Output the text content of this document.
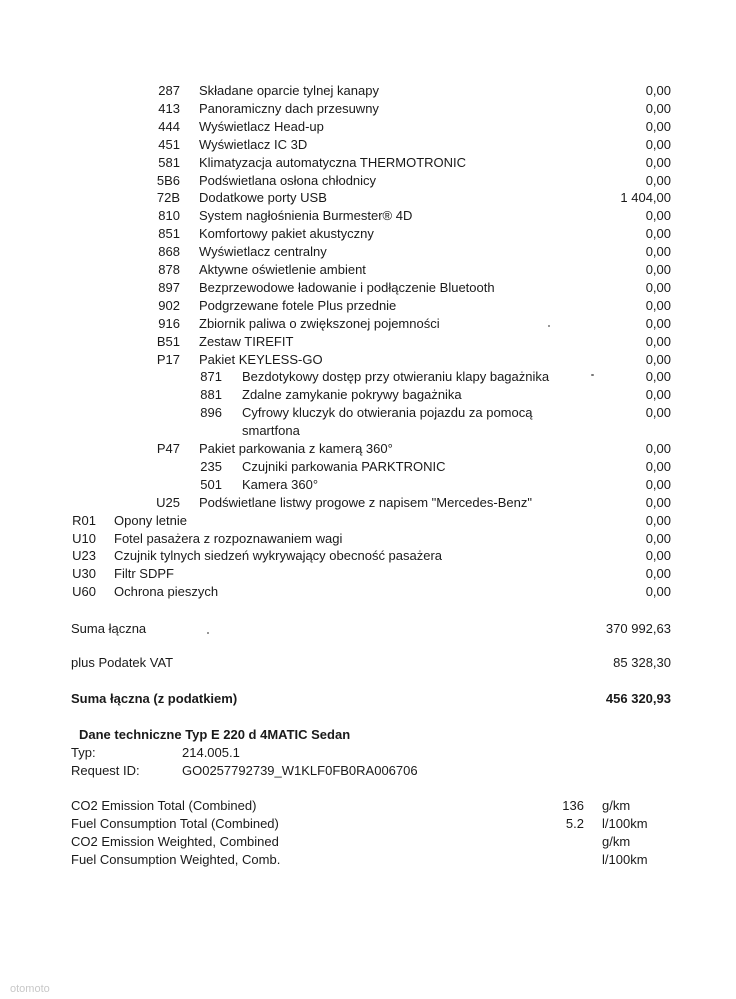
287 Składane oparcie tylnej kanapy	0,00
413 Panoramiczny dach przesuwny	0,00
444 Wyświetlacz Head-up	0,00
451 Wyświetlacz IC 3D	0,00
581 Klimatyzacja automatyczna THERMOTRONIC	0,00
5B6 Podświetlana osłona chłodnicy	0,00
72B Dodatkowe porty USB	1 404,00
810 System nagłośnienia Burmester® 4D	0,00
851 Komfortowy pakiet akustyczny	0,00
868 Wyświetlacz centralny	0,00
878 Aktywne oświetlenie ambient	0,00
897 Bezprzewodowe ładowanie i podłączenie Bluetooth	0,00
902 Podgrzewane fotele Plus przednie	0,00
916 Zbiornik paliwa o zwiększonej pojemności	0,00
B51 Zestaw TIREFIT	0,00
P17 Pakiet KEYLESS-GO	0,00
871 Bezdotykowy dostęp przy otwieraniu klapy bagażnika	0,00
881 Zdalne zamykanie pokrywy bagażnika	0,00
896 Cyfrowy kluczyk do otwierania pojazdu za pomocą	0,00
smartfona
P47 Pakiet parkowania z kamerą 360°	0,00
235 Czujniki parkowania PARKTRONIC	0,00
501 Kamera 360°	0,00
U25 Podświetlane listwy progowe z napisem "Mercedes-Benz"	0,00
R01 Opony letnie	0,00
U10 Fotel pasażera z rozpoznawaniem wagi	0,00
U23 Czujnik tylnych siedzeń wykrywający obecność pasażera	0,00
U30 Filtr SDPF	0,00
U60 Ochrona pieszych	0,00
Suma łączna	370 992,63
plus Podatek VAT	85 328,30
Suma łączna (z podatkiem)	456 320,93
Dane techniczne Typ E 220 d 4MATIC Sedan
Typ:	214.005.1
Request ID:	GO0257792739_W1KLF0FB0RA006706
CO2 Emission Total (Combined)	136 g/km
Fuel Consumption Total (Combined)	5.2 l/100km
CO2 Emission Weighted, Combined	g/km
Fuel Consumption Weighted, Comb.	l/100km
otomoto
